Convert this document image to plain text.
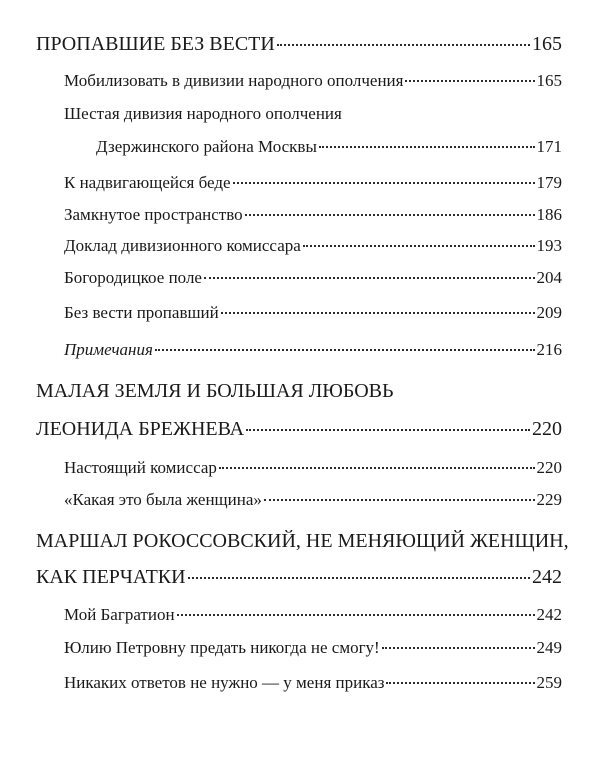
ПРОПАВШИЕ БЕЗ ВЕСТИ	165
Мобилизовать в дивизии народного ополчения	165
Шестая дивизия народного ополчения
Дзержинского района Москвы	171
К надвигающейся беде	179
Замкнутое пространство	186
Доклад дивизионного комиссара	193
Богородицкое поле	204
Без вести пропавший	209
Примечания	216
МАЛАЯ ЗЕМЛЯ И БОЛЬШАЯ ЛЮБОВЬ
ЛЕОНИДА БРЕЖНЕВА	220
Настоящий комиссар	220
«Какая это была женщина»	229
МАРШАЛ РОКОССОВСКИЙ, НЕ МЕНЯЮЩИЙ ЖЕНЩИН,
КАК ПЕРЧАТКИ	242
Мой Багратион	242
Юлию Петровну предать никогда не смогу!	249
Никаких ответов не нужно — у меня приказ	259
